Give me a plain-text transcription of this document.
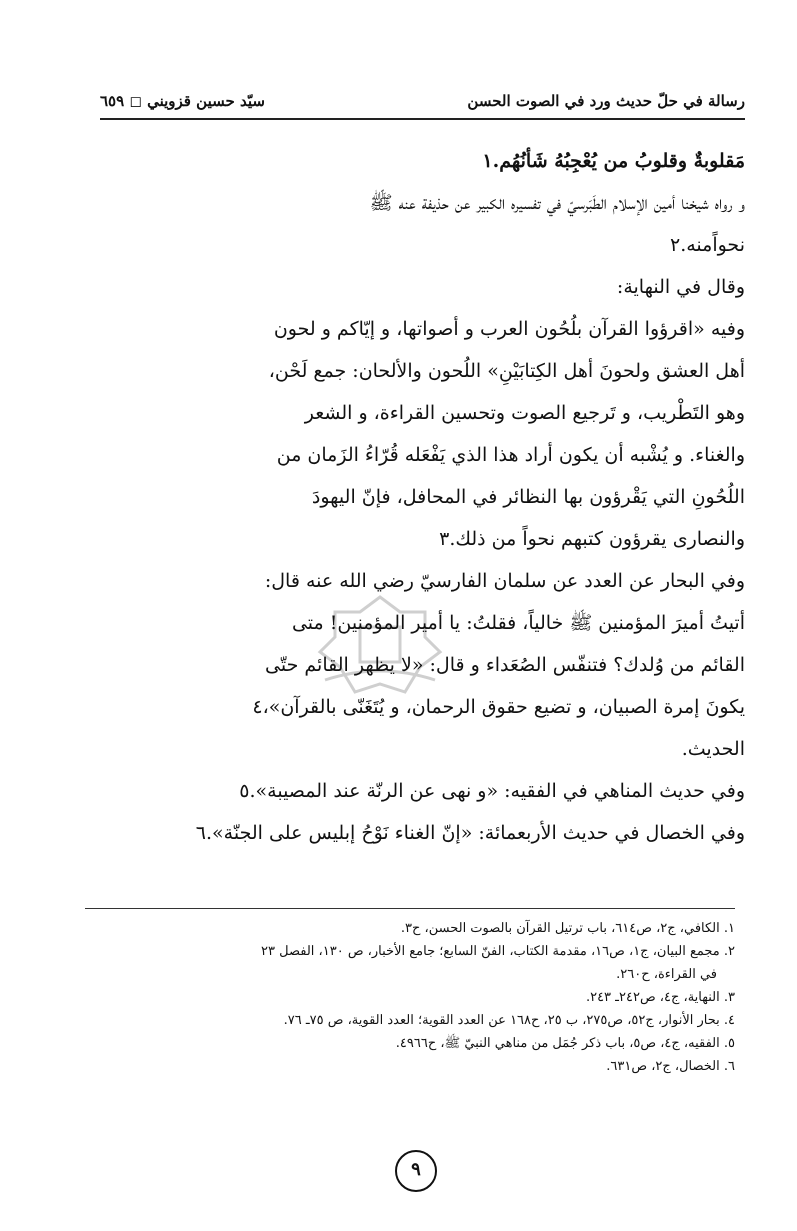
رسالة في حلّ حديث ورد في الصوت الحسن
سيّد حسين قزويني ◻ ٦٥٩

مَقلوبةٌ وقلوبُ من يُعْجِبُهُ شَأنُهُم.١

و رواه شيخنا أمين الإسلام الطَبَرسيّ في تفسيره الكبير عن حذيفة عنه ﷺ

نحواًمنه.٢

وقال في النهاية:

وفيه «اقرؤوا القرآن بلُحُون العرب و أصواتها، و إيّاكم و لحون

أهل العشق ولحونَ أهل الكِتابَيْنِ» اللُحون والألحان: جمع لَحْن،

وهو التَطْريب، و تَرجيع الصوت وتحسين القراءة، و الشعر

والغناء. و يُشْبه أن يكون أراد هذا الذي يَفْعَله قُرّاءُ الزَمان من

اللُحُونِ التي يَقْرؤون بها النظائر في المحافل، فإنّ اليهودَ

والنصارى يقرؤون كتبهم نحواً من ذلك.٣

وفي البحار عن العدد عن سلمان الفارسيّ رضي الله عنه قال:

أتيتُ أميرَ المؤمنين ﷺ خالياً، فقلتُ: يا أمير المؤمنين! متى

القائم من وُلدك؟ فتنفّس الصُعَداء و قال: «لا يظهر القائم حتّى

يكونَ إمرة الصبيان، و تضيع حقوق الرحمان، و يُتَغَنّى بالقرآن»،٤

الحديث.

وفي حديث المناهي في الفقيه: «و نهى عن الرنّة عند المصيبة».٥

وفي الخصال في حديث الأربعمائة: «إنّ الغناء نَوْحُ إبليس على الجنّة».٦

١. الكافي، ج٢، ص٦١٤، باب ترتيل القرآن بالصوت الحسن، ح٣.

٢. مجمع البيان، ج١، ص١٦، مقدمة الكتاب، الفنّ السابع؛ جامع الأخبار، ص ١٣٠، الفصل ٢٣

في القراءة، ح٢٦٠.

٣. النهاية، ج٤، ص٢٤٢ـ ٢٤٣.

٤. بحار الأنوار، ج٥٢، ص٢٧٥، ب ٢٥، ح١٦٨ عن العدد القوية؛ العدد القوية، ص ٧٥ـ ٧٦.

٥. الفقيه، ج٤، ص٥، باب ذكر جُمَل من مناهي النبيّ ﷺ، ح٤٩٦٦.

٦. الخصال، ج٢، ص٦٣١.

٩
